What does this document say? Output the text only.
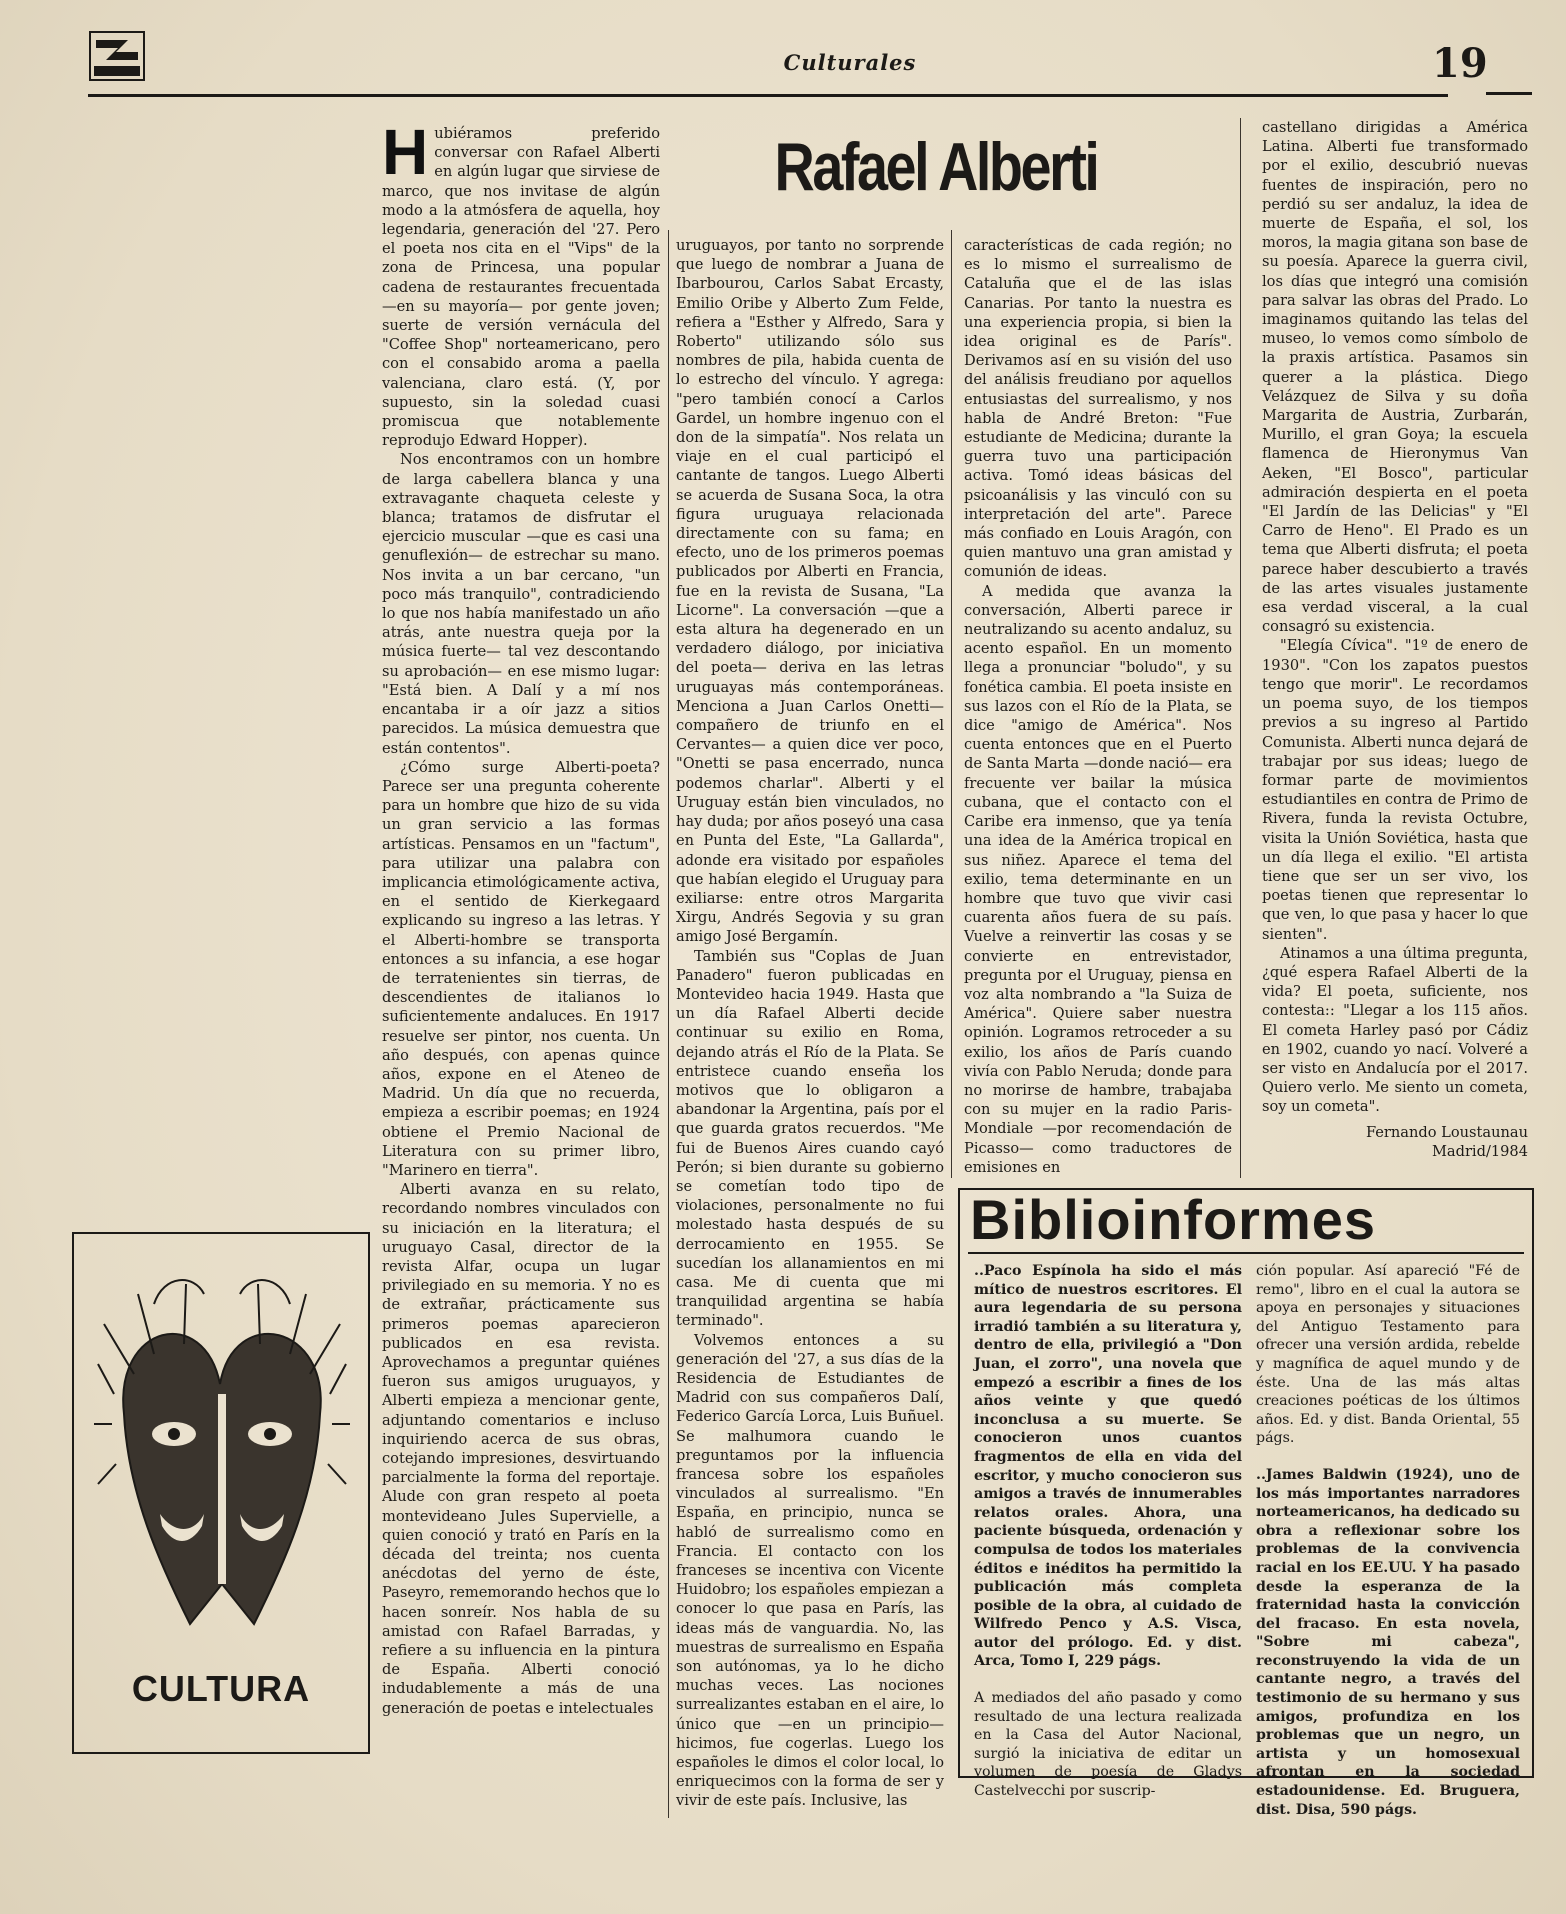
Culturales	19
Rafael Alberti

Hubiéramos preferido conversar con Rafael Alberti en algún lugar que sirviese de marco, que nos invitase de algún modo a la atmósfera de aquella, hoy legendaria, generación del '27. Pero el poeta nos cita en el "Vips" de la zona de Princesa, una popular cadena de restaurantes frecuentada —en su mayoría— por gente joven; suerte de versión vernácula del "Coffee Shop" norteamericano, pero con el consabido aroma a paella valenciana, claro está. (Y, por supuesto, sin la soledad cuasi promiscua que notablemente reprodujo Edward Hopper).

Nos encontramos con un hombre de larga cabellera blanca y una extravagante chaqueta celeste y blanca; tratamos de disfrutar el ejercicio muscular —que es casi una genuflexión— de estrechar su mano. Nos invita a un bar cercano, "un poco más tranquilo", contradiciendo lo que nos había manifestado un año atrás, ante nuestra queja por la música fuerte— tal vez descontando su aprobación— en ese mismo lugar: "Está bien. A Dalí y a mí nos encantaba ir a oír jazz a sitios parecidos. La música demuestra que están contentos".

¿Cómo surge Alberti-poeta? Parece ser una pregunta coherente para un hombre que hizo de su vida un gran servicio a las formas artísticas. Pensamos en un "factum", para utilizar una palabra con implicancia etimológicamente activa, en el sentido de Kierkegaard explicando su ingreso a las letras. Y el Alberti-hombre se transporta entonces a su infancia, a ese hogar de terratenientes sin tierras, de descendientes de italianos lo suficientemente andaluces. En 1917 resuelve ser pintor, nos cuenta. Un año después, con apenas quince años, expone en el Ateneo de Madrid. Un día que no recuerda, empieza a escribir poemas; en 1924 obtiene el Premio Nacional de Literatura con su primer libro, "Marinero en tierra".

Alberti avanza en su relato, recordando nombres vinculados con su iniciación en la literatura; el uruguayo Casal, director de la revista Alfar, ocupa un lugar privilegiado en su memoria. Y no es de extrañar, prácticamente sus primeros poemas aparecieron publicados en esa revista. Aprovechamos a preguntar quiénes fueron sus amigos uruguayos, y Alberti empieza a mencionar gente, adjuntando comentarios e incluso inquiriendo acerca de sus obras, cotejando impresiones, desvirtuando parcialmente la forma del reportaje. Alude con gran respeto al poeta montevideano Jules Supervielle, a quien conoció y trató en París en la década del treinta; nos cuenta anécdotas del yerno de éste, Paseyro, rememorando hechos que lo hacen sonreír. Nos habla de su amistad con Rafael Barradas, y refiere a su influencia en la pintura de España. Alberti conoció indudablemente a más de una generación de poetas e intelectuales

uruguayos, por tanto no sorprende que luego de nombrar a Juana de Ibarbourou, Carlos Sabat Ercasty, Emilio Oribe y Alberto Zum Felde, refiera a "Esther y Alfredo, Sara y Roberto" utilizando sólo sus nombres de pila, habida cuenta de lo estrecho del vínculo. Y agrega: "pero también conocí a Carlos Gardel, un hombre ingenuo con el don de la simpatía". Nos relata un viaje en el cual participó el cantante de tangos. Luego Alberti se acuerda de Susana Soca, la otra figura uruguaya relacionada directamente con su fama; en efecto, uno de los primeros poemas publicados por Alberti en Francia, fue en la revista de Susana, "La Licorne". La conversación —que a esta altura ha degenerado en un verdadero diálogo, por iniciativa del poeta— deriva en las letras uruguayas más contemporáneas. Menciona a Juan Carlos Onetti— compañero de triunfo en el Cervantes— a quien dice ver poco, "Onetti se pasa encerrado, nunca podemos charlar". Alberti y el Uruguay están bien vinculados, no hay duda; por años poseyó una casa en Punta del Este, "La Gallarda", adonde era visitado por españoles que habían elegido el Uruguay para exiliarse: entre otros Margarita Xirgu, Andrés Segovia y su gran amigo José Bergamín.

También sus "Coplas de Juan Panadero" fueron publicadas en Montevideo hacia 1949. Hasta que un día Rafael Alberti decide continuar su exilio en Roma, dejando atrás el Río de la Plata. Se entristece cuando enseña los motivos que lo obligaron a abandonar la Argentina, país por el que guarda gratos recuerdos. "Me fui de Buenos Aires cuando cayó Perón; si bien durante su gobierno se cometían todo tipo de violaciones, personalmente no fui molestado hasta después de su derrocamiento en 1955. Se sucedían los allanamientos en mi casa. Me di cuenta que mi tranquilidad argentina se había terminado".

Volvemos entonces a su generación del '27, a sus días de la Residencia de Estudiantes de Madrid con sus compañeros Dalí, Federico García Lorca, Luis Buñuel. Se malhumora cuando le preguntamos por la influencia francesa sobre los españoles vinculados al surrealismo. "En España, en principio, nunca se habló de surrealismo como en Francia. El contacto con los franceses se incentiva con Vicente Huidobro; los españoles empiezan a conocer lo que pasa en París, las ideas más de vanguardia. No, las muestras de surrealismo en España son autónomas, ya lo he dicho muchas veces. Las nociones surrealizantes estaban en el aire, lo único que —en un principio— hicimos, fue cogerlas. Luego los españoles le dimos el color local, lo enriquecimos con la forma de ser y vivir de este país. Inclusive, las

características de cada región; no es lo mismo el surrealismo de Cataluña que el de las islas Canarias. Por tanto la nuestra es una experiencia propia, si bien la idea original es de París". Derivamos así en su visión del uso del análisis freudiano por aquellos entusiastas del surrealismo, y nos habla de André Breton: "Fue estudiante de Medicina; durante la guerra tuvo una participación activa. Tomó ideas básicas del psicoanálisis y las vinculó con su interpretación del arte". Parece más confiado en Louis Aragón, con quien mantuvo una gran amistad y comunión de ideas.

A medida que avanza la conversación, Alberti parece ir neutralizando su acento andaluz, su acento español. En un momento llega a pronunciar "boludo", y su fonética cambia. El poeta insiste en sus lazos con el Río de la Plata, se dice "amigo de América". Nos cuenta entonces que en el Puerto de Santa Marta —donde nació— era frecuente ver bailar la música cubana, que el contacto con el Caribe era inmenso, que ya tenía una idea de la América tropical en sus niñez. Aparece el tema del exilio, tema determinante en un hombre que tuvo que vivir casi cuarenta años fuera de su país. Vuelve a reinvertir las cosas y se convierte en entrevistador, pregunta por el Uruguay, piensa en voz alta nombrando a "la Suiza de América". Quiere saber nuestra opinión. Logramos retroceder a su exilio, los años de París cuando vivía con Pablo Neruda; donde para no morirse de hambre, trabajaba con su mujer en la radio Paris-Mondiale —por recomendación de Picasso— como traductores de emisiones en

castellano dirigidas a América Latina. Alberti fue transformado por el exilio, descubrió nuevas fuentes de inspiración, pero no perdió su ser andaluz, la idea de muerte de España, el sol, los moros, la magia gitana son base de su poesía. Aparece la guerra civil, los días que integró una comisión para salvar las obras del Prado. Lo imaginamos quitando las telas del museo, lo vemos como símbolo de la praxis artística. Pasamos sin querer a la plástica. Diego Velázquez de Silva y su doña Margarita de Austria, Zurbarán, Murillo, el gran Goya; la escuela flamenca de Hieronymus Van Aeken, "El Bosco", particular admiración despierta en el poeta "El Jardín de las Delicias" y "El Carro de Heno". El Prado es un tema que Alberti disfruta; el poeta parece haber descubierto a través de las artes visuales justamente esa verdad visceral, a la cual consagró su existencia.

"Elegía Cívica". "1º de enero de 1930". "Con los zapatos puestos tengo que morir". Le recordamos un poema suyo, de los tiempos previos a su ingreso al Partido Comunista. Alberti nunca dejará de trabajar por sus ideas; luego de formar parte de movimientos estudiantiles en contra de Primo de Rivera, funda la revista Octubre, visita la Unión Soviética, hasta que un día llega el exilio. "El artista tiene que ser un ser vivo, los poetas tienen que representar lo que ven, lo que pasa y hacer lo que sienten".

Atinamos a una última pregunta, ¿qué espera Rafael Alberti de la vida? El poeta, suficiente, nos contesta:: "Llegar a los 115 años. El cometa Harley pasó por Cádiz en 1902, cuando yo nací. Volveré a ser visto en Andalucía por el 2017. Quiero verlo. Me siento un cometa, soy un cometa".

Fernando Loustaunau
Madrid/1984
CULTURA
Biblioinformes

..Paco Espínola ha sido el más mítico de nuestros escritores. El aura legendaria de su persona irradió también a su literatura y, dentro de ella, privilegió a "Don Juan, el zorro", una novela que empezó a escribir a fines de los años veinte y que quedó inconclusa a su muerte. Se conocieron unos cuantos fragmentos de ella en vida del escritor, y mucho conocieron sus amigos a través de innumerables relatos orales. Ahora, una paciente búsqueda, ordenación y compulsa de todos los materiales éditos e inéditos ha permitido la publicación más completa posible de la obra, al cuidado de Wilfredo Penco y A.S. Visca, autor del prólogo. Ed. y dist. Arca, Tomo I, 229 págs.

A mediados del año pasado y como resultado de una lectura realizada en la Casa del Autor Nacional, surgió la iniciativa de editar un volumen de poesía de Gladys Castelvecchi por suscrip-

ción popular. Así apareció "Fé de remo", libro en el cual la autora se apoya en personajes y situaciones del Antiguo Testamento para ofrecer una versión ardida, rebelde y magnífica de aquel mundo y de éste. Una de las más altas creaciones poéticas de los últimos años. Ed. y dist. Banda Oriental, 55 págs.

..James Baldwin (1924), uno de los más importantes narradores norteamericanos, ha dedicado su obra a reflexionar sobre los problemas de la convivencia racial en los EE.UU. Y ha pasado desde la esperanza de la fraternidad hasta la convicción del fracaso. En esta novela, "Sobre mi cabeza", reconstruyendo la vida de un cantante negro, a través del testimonio de su hermano y sus amigos, profundiza en los problemas que un negro, un artista y un homosexual afrontan en la sociedad estadounidense. Ed. Bruguera, dist. Disa, 590 págs.
